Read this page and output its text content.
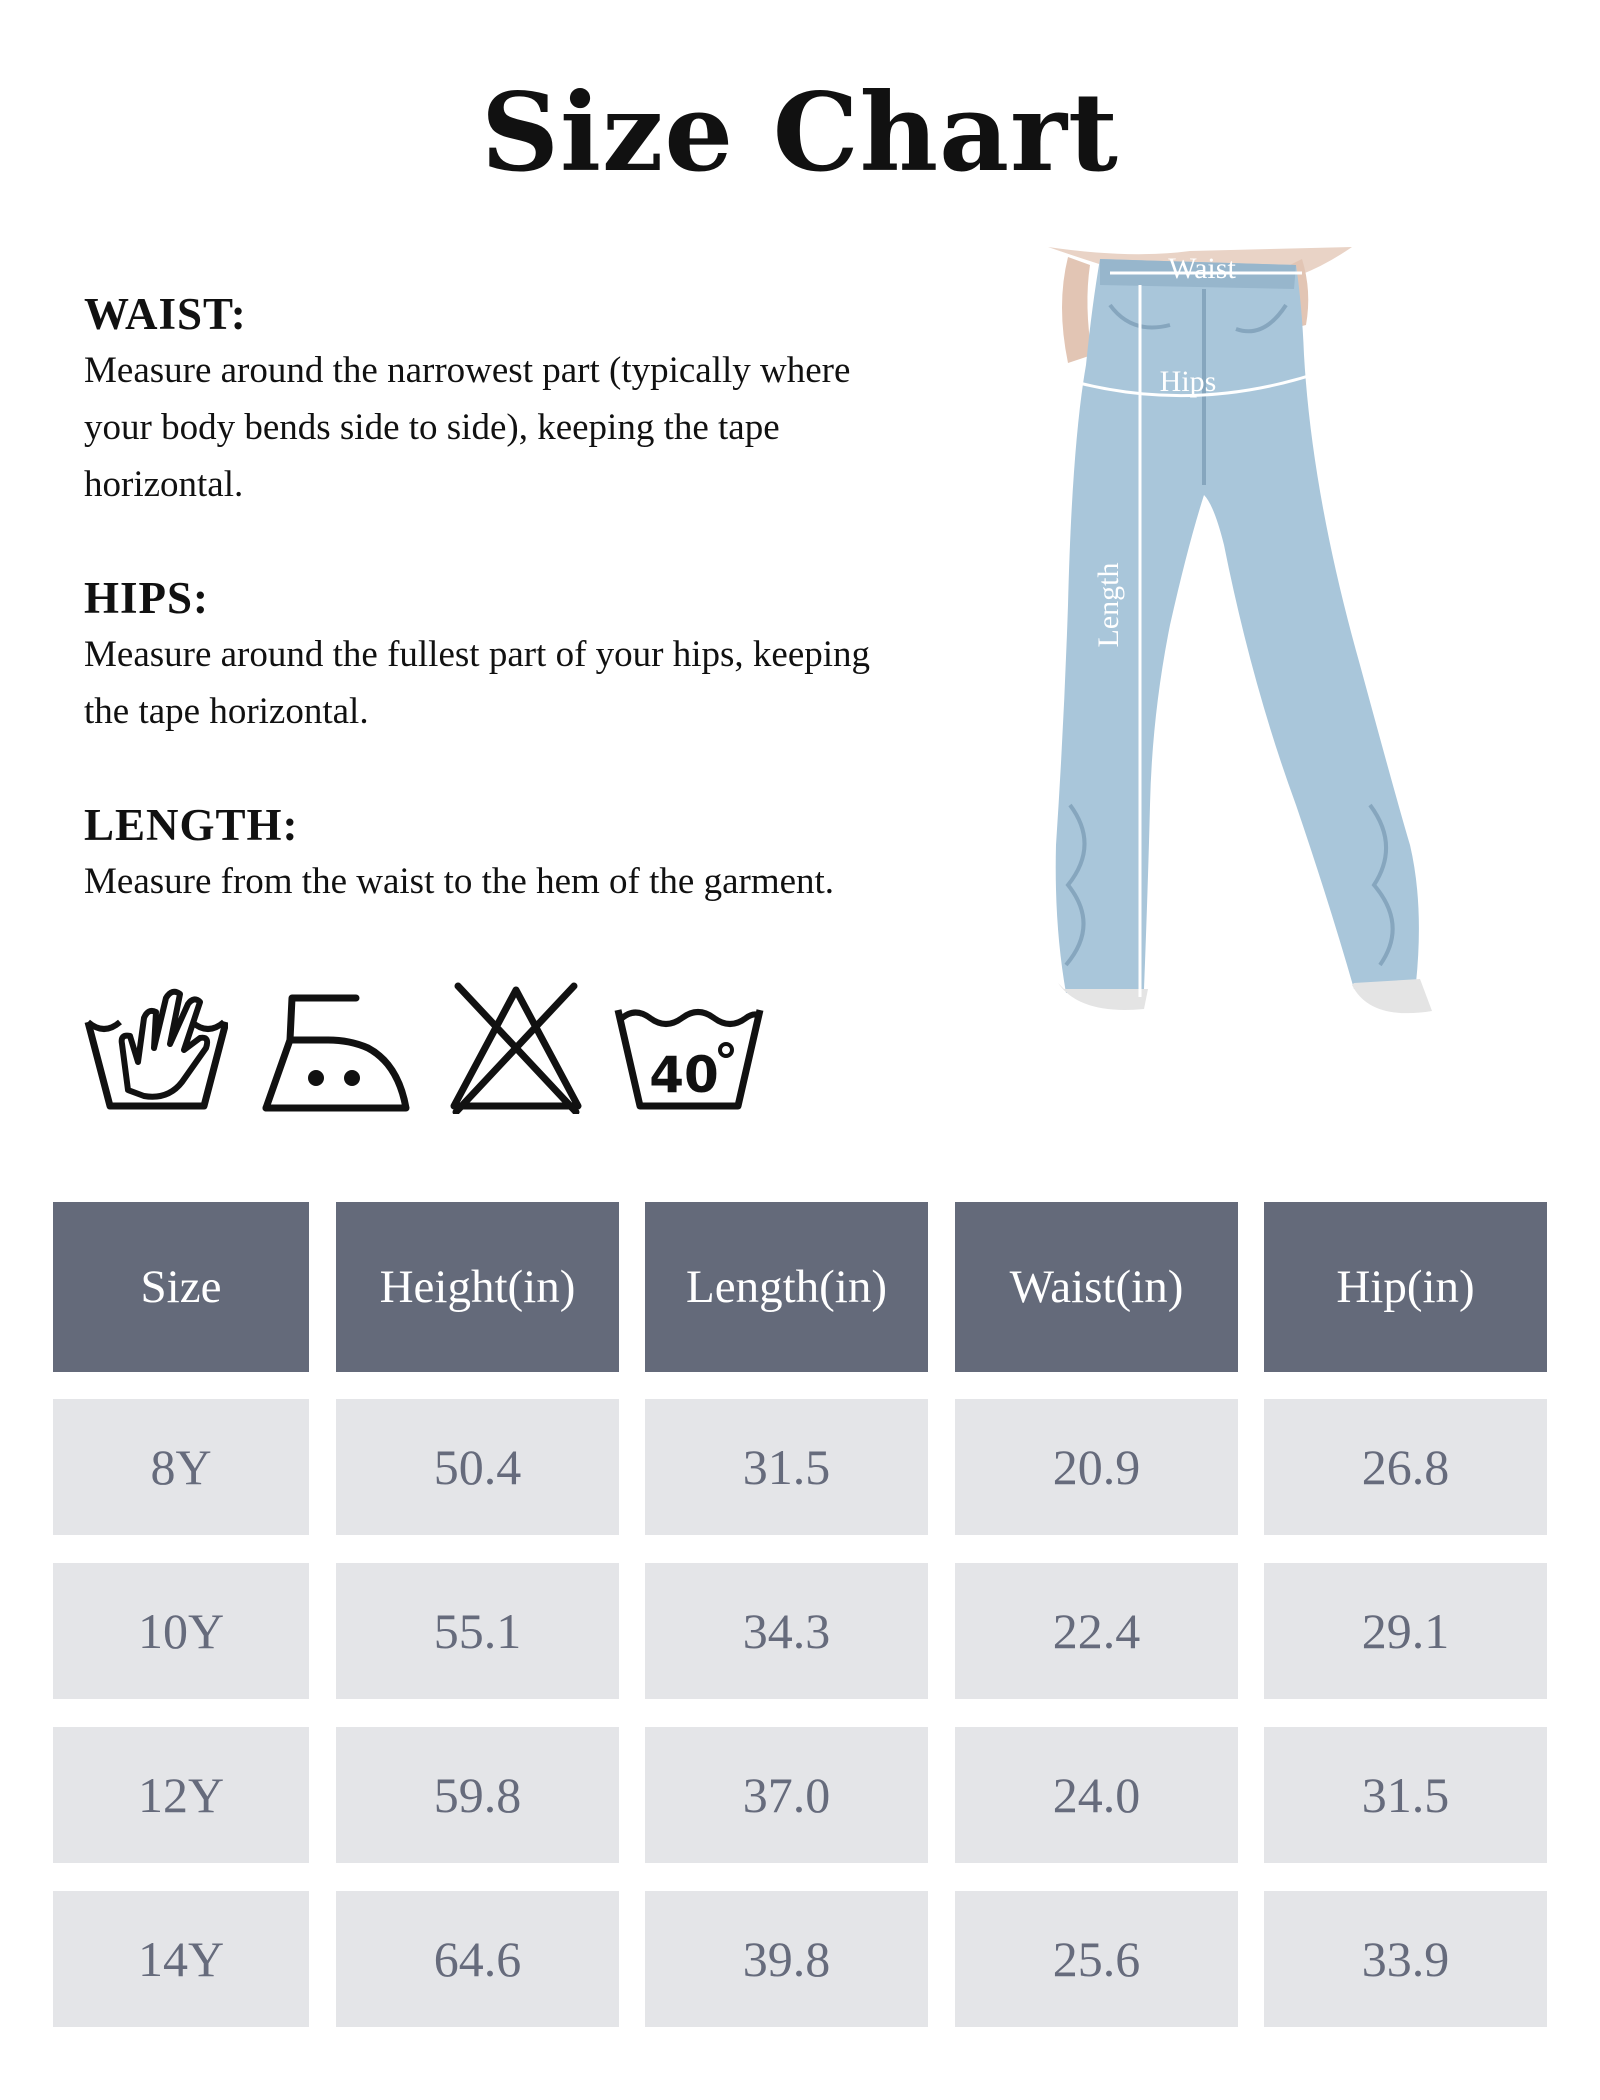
Size Chart
WAIST:

Measure around the narrowest part (typically where your body bends side to side), keeping the tape horizontal.

HIPS:

Measure around the fullest part of your hips, keeping the tape horizontal.

LENGTH:

Measure from the waist to the hem of the garment.

40
Waist
Hips
Length
Size	Height(in)	Length(in)	Waist(in)	Hip(in)
8Y	50.4	31.5	20.9	26.8
10Y	55.1	34.3	22.4	29.1
12Y	59.8	37.0	24.0	31.5
14Y	64.6	39.8	25.6	33.9
